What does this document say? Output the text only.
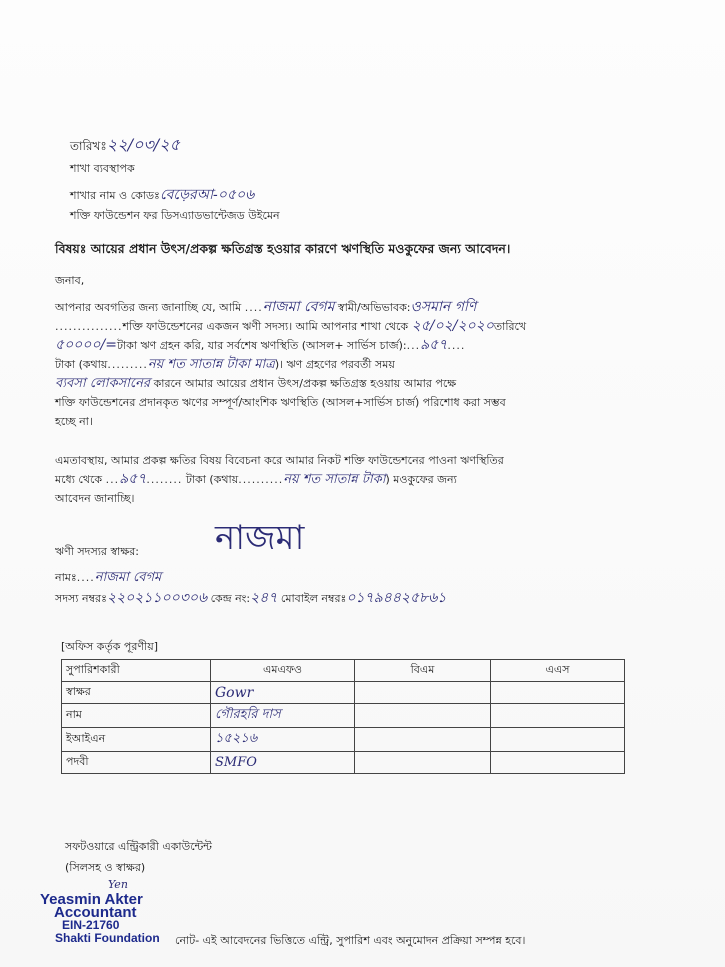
তারিখঃ২২/০৩/২৫
শাখা ব্যবস্থাপক
শাখার নাম ও কোডঃবেড়েরআ-০৫০৬
শক্তি ফাউন্ডেশন ফর ডিসএ্যাডভান্টেজড উইমেন
বিষয়ঃ আয়ের প্রধান উৎস/প্রকল্প ক্ষতিগ্রস্ত হওয়ার কারণে ঋণস্থিতি মওকুফের জন্য আবেদন।
জনাব,
আপনার অবগতির জন্য জানাচ্ছি যে, আমি ....নাজমা বেগম স্বামী/অভিভাবক:ওসমান গণি
...............শক্তি ফাউন্ডেশনের একজন ঋণী সদস্য। আমি আপনার শাখা থেকে ২৫/০২/২০২০তারিখে
৫০০০০/=টাকা ঋণ গ্রহন করি, যার সর্বশেষ ঋণস্থিতি (আসল+ সার্ভিস চার্জ):...৯৫৭....
টাকা (কথায়.........নয় শত সাতান্ন টাকা মাত্র)। ঋণ গ্রহণের পরবর্তী সময়
ব্যবসা লোকসানের কারনে আমার আয়ের প্রধান উৎস/প্রকল্প ক্ষতিগ্রস্ত হওয়ায় আমার পক্ষে
শক্তি ফাউন্ডেশনের প্রদানকৃত ঋণের সম্পূর্ণ/আংশিক ঋণস্থিতি (আসল+সার্ভিস চার্জ) পরিশোধ করা সম্ভব
হচ্ছে না।
এমতাবস্থায়, আমার প্রকল্প ক্ষতির বিষয় বিবেচনা করে আমার নিকট শক্তি ফাউন্ডেশনের পাওনা ঋণস্থিতির
মধ্যে থেকে ...৯৫৭........ টাকা (কথায়..........নয় শত সাতান্ন টাকা) মওকুফের জন্য
আবেদন জানাচ্ছি।
ঋণী সদস্যর স্বাক্ষর: নাজমা
নামঃ....নাজমা বেগম
সদস্য নম্বরঃ২২০২১১০০৩০৬ কেন্দ্র নং:২৪৭ মোবাইল নম্বরঃ০১৭৯৪৪২৫৮৬১
[অফিস কর্তৃক পূরণীয়]
সুপারিশকারী	এমএফও	বিএম	এএস
স্বাক্ষর	Gowr		
নাম	গৌরহরি দাস		
ইআইএন	১৫২১৬		
পদবী	SMFO		
সফটওয়ারে এন্ট্রিকারী একাউন্টেন্ট
(সিলসহ ও স্বাক্ষর)
Yen
Yeasmin Akter
Accountant
EIN-21760
Shakti Foundation নোট- এই আবেদনের ভিত্তিতে এন্ট্রি, সুপারিশ এবং অনুমোদন প্রক্রিয়া সম্পন্ন হবে।
